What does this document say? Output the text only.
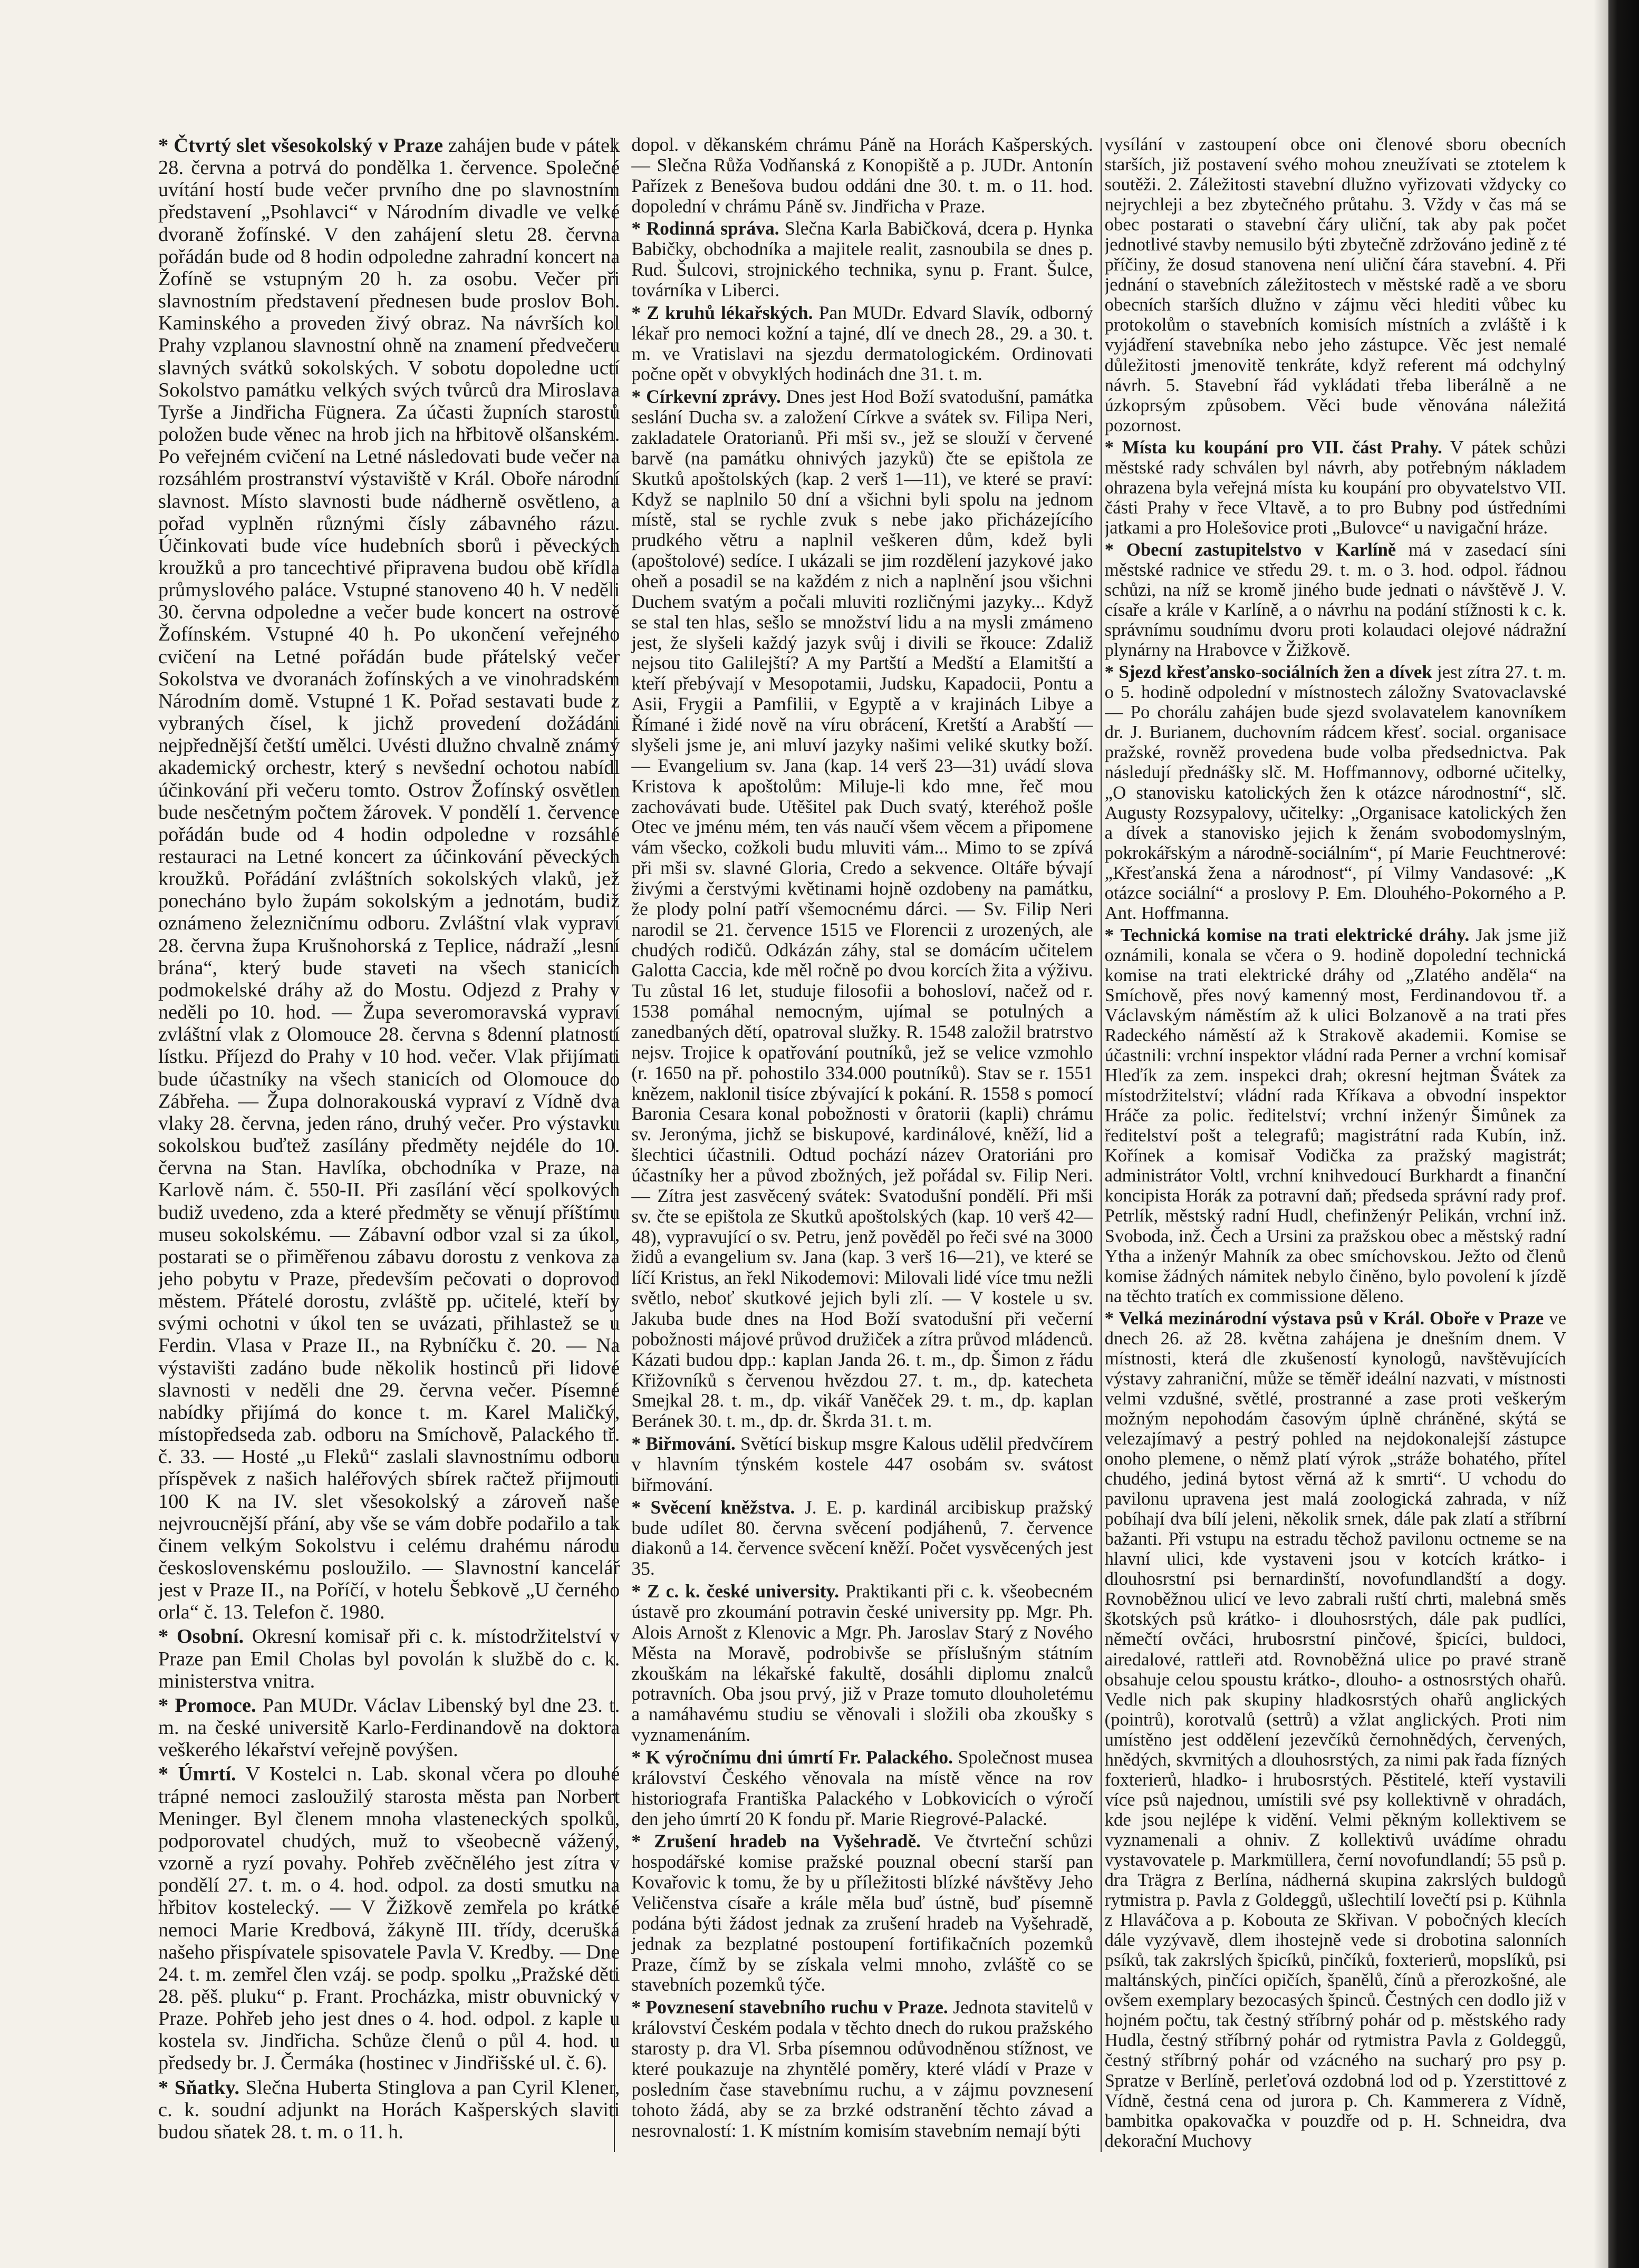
* Čtvrtý slet všesokolský v Praze zahájen bude v pátek 28. června a potrvá do pondělka 1. července. Společné uvítání hostí bude večer prvního dne po slavnostním představení „Psohlavci“ v Národním divadle ve velké dvoraně žofínské. V den zahájení sletu 28. června pořádán bude od 8 hodin odpoledne zahradní koncert na Žofíně se vstupným 20 h. za osobu. Večer při slavnostním představení přednesen bude proslov Boh. Kaminského a proveden živý obraz. Na návrších kol Prahy vzplanou slavnostní ohně na znamení předvečeru slavných svátků sokolských. V sobotu dopoledne uctí Sokolstvo památku velkých svých tvůrců dra Miroslava Tyrše a Jindřicha Fügnera. Za účasti župních starostů položen bude věnec na hrob jich na hřbitově olšanském. Po veřejném cvičení na Letné následovati bude večer na rozsáhlém prostranství výstaviště v Král. Oboře národní slavnost. Místo slavnosti bude nádherně osvětleno, a pořad vyplněn různými čísly zábavného rázu. Účinkovati bude více hudebních sborů i pěveckých kroužků a pro tancechtivé připravena budou obě křídla průmyslového paláce. Vstupné stanoveno 40 h. V neděli 30. června odpoledne a večer bude koncert na ostrově Žofínském. Vstupné 40 h. Po ukončení veřejného cvičení na Letné pořádán bude přátelský večer Sokolstva ve dvoranách žofínských a ve vinohradském Národním domě. Vstupné 1 K. Pořad sestavati bude z vybraných čísel, k jichž provedení dožádáni nejpřednější četští umělci. Uvésti dlužno chvalně známý akademický orchestr, který s nevšední ochotou nabídl účinkování při večeru tomto. Ostrov Žofínský osvětlen bude nesčetným počtem žárovek. V pondělí 1. července pořádán bude od 4 hodin odpoledne v rozsáhlé restauraci na Letné koncert za účinkování pěveckých kroužků. Pořádání zvláštních sokolských vlaků, jež ponecháno bylo župám sokolským a jednotám, budiž oznámeno železničnímu odboru. Zvláštní vlak vypraví 28. června župa Krušnohorská z Teplice, nádraží „lesní brána“, který bude staveti na všech stanicích podmokelské dráhy až do Mostu. Odjezd z Prahy v neděli po 10. hod. — Župa severomoravská vypraví zvláštní vlak z Olomouce 28. června s 8denní platností lístku. Příjezd do Prahy v 10 hod. večer. Vlak přijímati bude účastníky na všech stanicích od Olomouce do Zábřeha. — Župa dolnorakouská vypraví z Vídně dva vlaky 28. června, jeden ráno, druhý večer. Pro výstavku sokolskou buďtež zasílány předměty nejdéle do 10. června na Stan. Havlíka, obchodníka v Praze, na Karlově nám. č. 550-II. Při zasílání věcí spolkových budiž uvedeno, zda a které předměty se věnují příštímu museu sokolskému. — Zábavní odbor vzal si za úkol, postarati se o přiměřenou zábavu dorostu z venkova za jeho pobytu v Praze, především pečovati o doprovod městem. Přátelé dorostu, zvláště pp. učitelé, kteří by svými ochotni v úkol ten se uvázati, přihlastež se u Ferdin. Vlasa v Praze II., na Rybníčku č. 20. — Na výstavišti zadáno bude několik hostinců při lidové slavnosti v neděli dne 29. června večer. Písemné nabídky přijímá do konce t. m. Karel Maličký, místopředseda zab. odboru na Smíchově, Palackého tř. č. 33. — Hosté „u Fleků“ zaslali slavnostnímu odboru příspěvek z našich haléřových sbírek račtež přijmouti 100 K na IV. slet všesokolský a zároveň naše nejvroucnější přání, aby vše se vám dobře podařilo a tak činem velkým Sokolstvu i celému drahému národu československému posloužilo. — Slavnostní kancelář jest v Praze II., na Poříčí, v hotelu Šebkově „U černého orla“ č. 13. Telefon č. 1980.

* Osobní. Okresní komisař při c. k. místodržitelství v Praze pan Emil Cholas byl povolán k službě do c. k. ministerstva vnitra.

* Promoce. Pan MUDr. Václav Libenský byl dne 23. t. m. na české universitě Karlo-Ferdinandově na doktora veškerého lékařství veřejně povýšen.

* Úmrtí. V Kostelci n. Lab. skonal včera po dlouhé trápné nemoci zasloužilý starosta města pan Norbert Meninger. Byl členem mnoha vlasteneckých spolků, podporovatel chudých, muž to všeobecně vážený, vzorně a ryzí povahy. Pohřeb zvěčnělého jest zítra v pondělí 27. t. m. o 4. hod. odpol. za dosti smutku na hřbitov kostelecký. — V Žižkově zemřela po krátké nemoci Marie Kredbová, žákyně III. třídy, dcerušká našeho přispívatele spisovatele Pavla V. Kredby. — Dne 24. t. m. zemřel člen vzáj. se podp. spolku „Pražské děti 28. pěš. pluku“ p. Frant. Procházka, mistr obuvnický v Praze. Pohřeb jeho jest dnes o 4. hod. odpol. z kaple u kostela sv. Jindřicha. Schůze členů o půl 4. hod. u předsedy br. J. Čermáka (hostinec v Jindřišské ul. č. 6).

* Sňatky. Slečna Huberta Stinglova a pan Cyril Klener, c. k. soudní adjunkt na Horách Kašperských slaviti budou sňatek 28. t. m. o 11. h.

dopol. v děkanském chrámu Páně na Horách Kašperských. — Slečna Růža Vodňanská z Konopiště a p. JUDr. Antonín Pařízek z Benešova budou oddáni dne 30. t. m. o 11. hod. dopolední v chrámu Páně sv. Jindřicha v Praze.

* Rodinná správa. Slečna Karla Babičková, dcera p. Hynka Babičky, obchodníka a majitele realit, zasnoubila se dnes p. Rud. Šulcovi, strojnického technika, synu p. Frant. Šulce, továrníka v Liberci.

* Z kruhů lékařských. Pan MUDr. Edvard Slavík, odborný lékař pro nemoci kožní a tajné, dlí ve dnech 28., 29. a 30. t. m. ve Vratislavi na sjezdu dermatologickém. Ordinovati počne opět v obvyklých hodinách dne 31. t. m.

* Církevní zprávy. Dnes jest Hod Boží svatodušní, památka seslání Ducha sv. a založení Církve a svátek sv. Filipa Neri, zakladatele Oratorianů. Při mši sv., jež se slouží v červené barvě (na památku ohnivých jazyků) čte se epištola ze Skutků apoštolských (kap. 2 verš 1—11), ve které se praví: Když se naplnilo 50 dní a všichni byli spolu na jednom místě, stal se rychle zvuk s nebe jako přicházejícího prudkého větru a naplnil veškeren dům, kdež byli (apoštolové) sedíce. I ukázali se jim rozdělení jazykové jako oheň a posadil se na každém z nich a naplnění jsou všichni Duchem svatým a počali mluviti rozličnými jazyky... Když se stal ten hlas, sešlo se množství lidu a na mysli zmámeno jest, že slyšeli každý jazyk svůj i divili se řkouce: Zdaliž nejsou tito Galilejští? A my Partští a Medští a Elamitští a kteří přebývají v Mesopotamii, Judsku, Kapadocii, Pontu a Asii, Frygii a Pamfilii, v Egyptě a v krajinách Libye a Římané i židé nově na víru obrácení, Kretští a Arabští — slyšeli jsme je, ani mluví jazyky našimi veliké skutky boží. — Evangelium sv. Jana (kap. 14 verš 23—31) uvádí slova Kristova k apoštolům: Miluje-li kdo mne, řeč mou zachovávati bude. Utěšitel pak Duch svatý, kteréhož pošle Otec ve jménu mém, ten vás naučí všem věcem a připomene vám všecko, cožkoli budu mluviti vám... Mimo to se zpívá při mši sv. slavné Gloria, Credo a sekvence. Oltáře bývají živými a čerstvými květinami hojně ozdobeny na památku, že plody polní patří všemocnému dárci. — Sv. Filip Neri narodil se 21. července 1515 ve Florencii z urozených, ale chudých rodičů. Odkázán záhy, stal se domácím učitelem Galotta Caccia, kde měl ročně po dvou korcích žita a výživu. Tu zůstal 16 let, studuje filosofii a bohosloví, načež od r. 1538 pomáhal nemocným, ujímal se potulných a zanedbaných dětí, opatroval služky. R. 1548 založil bratrstvo nejsv. Trojice k opatřování poutníků, jež se velice vzmohlo (r. 1650 na př. pohostilo 334.000 poutníků). Stav se r. 1551 knězem, naklonil tisíce zbývající k pokání. R. 1558 s pomocí Baronia Cesara konal pobožnosti v ôratorii (kapli) chrámu sv. Jeronýma, jichž se biskupové, kardinálové, kněží, lid a šlechtici účastnili. Odtud pochází název Oratoriáni pro účastníky her a původ zbožných, jež pořádal sv. Filip Neri. — Zítra jest zasvěcený svátek: Svatodušní pondělí. Při mši sv. čte se epištola ze Skutků apoštolských (kap. 10 verš 42—48), vypravující o sv. Petru, jenž pověděl po řeči své na 3000 židů a evangelium sv. Jana (kap. 3 verš 16—21), ve které se líčí Kristus, an řekl Nikodemovi: Milovali lidé více tmu nežli světlo, neboť skutkové jejich byli zlí. — V kostele u sv. Jakuba bude dnes na Hod Boží svatodušní při večerní pobožnosti májové průvod družiček a zítra průvod mládenců. Kázati budou dpp.: kaplan Janda 26. t. m., dp. Šimon z řádu Křižovníků s červenou hvězdou 27. t. m., dp. katecheta Smejkal 28. t. m., dp. vikář Vaněček 29. t. m., dp. kaplan Beránek 30. t. m., dp. dr. Škrda 31. t. m.

* Biřmování. Světící biskup msgre Kalous udělil předvčírem v hlavním týnském kostele 447 osobám sv. svátost biřmování.

* Svěcení kněžstva. J. E. p. kardinál arcibiskup pražský bude udílet 80. června svěcení podjáhenů, 7. července diakonů a 14. července svěcení kněží. Počet vysvěcených jest 35.

* Z c. k. české university. Praktikanti při c. k. všeobecném ústavě pro zkoumání potravin české university pp. Mgr. Ph. Alois Arnošt z Klenovic a Mgr. Ph. Jaroslav Starý z Nového Města na Moravě, podrobivše se příslušným státním zkouškám na lékařské fakultě, dosáhli diplomu znalců potravních. Oba jsou prvý, již v Praze tomuto dlouholetému a namáhavému studiu se věnovali i složili oba zkoušky s vyznamenáním.

* K výročnímu dni úmrtí Fr. Palackého. Společnost musea království Českého věnovala na místě věnce na rov historiografa Františka Palackého v Lobkovicích o výročí den jeho úmrtí 20 K fondu př. Marie Riegrové-Palacké.

* Zrušení hradeb na Vyšehradě. Ve čtvrteční schůzi hospodářské komise pražské pouznal obecní starší pan Kovařovic k tomu, že by u příležitosti blízké návštěvy Jeho Veličenstva císaře a krále měla buď ústně, buď písemně podána býti žádost jednak za zrušení hradeb na Vyšehradě, jednak za bezplatné postoupení fortifikačních pozemků Praze, čímž by se získala velmi mnoho, zvláště co se stavebních pozemků týče.

* Povznesení stavebního ruchu v Praze. Jednota stavitelů v království Českém podala v těchto dnech do rukou pražského starosty p. dra Vl. Srba písemnou odůvodněnou stížnost, ve které poukazuje na zhyntělé poměry, které vládí v Praze v posledním čase stavebnímu ruchu, a v zájmu povznesení tohoto žádá, aby se za brzké odstranění těchto závad a nesrovnalostí: 1. K místním komisím stavebním nemají býti

vysílání v zastoupení obce oni členové sboru obecních starších, již postavení svého mohou zneužívati se ztotelem k soutěži. 2. Záležitosti stavební dlužno vyřizovati vždycky co nejrychleji a bez zbytečného průtahu. 3. Vždy v čas má se obec postarati o stavební čáry uliční, tak aby pak počet jednotlivé stavby nemusilo býti zbytečně zdržováno jedině z té příčiny, že dosud stanovena není uliční čára stavební. 4. Při jednání o stavebních záležitostech v městské radě a ve sboru obecních starších dlužno v zájmu věci hlediti vůbec ku protokolům o stavebních komisích místních a zvláště i k vyjádření stavebníka nebo jeho zástupce. Věc jest nemalé důležitosti jmenovitě tenkráte, když referent má odchylný návrh. 5. Stavební řád vykládati třeba liberálně a ne úzkoprsým způsobem. Věci bude věnována náležitá pozornost.

* Místa ku koupání pro VII. část Prahy. V pátek schůzi městské rady schválen byl návrh, aby potřebným nákladem ohrazena byla veřejná místa ku koupání pro obyvatelstvo VII. části Prahy v řece Vltavě, a to pro Bubny pod ústředními jatkami a pro Holešovice proti „Bulovce“ u navigační hráze.

* Obecní zastupitelstvo v Karlíně má v zasedací síni městské radnice ve středu 29. t. m. o 3. hod. odpol. řádnou schůzi, na níž se kromě jiného bude jednati o návštěvě J. V. císaře a krále v Karlíně, a o návrhu na podání stížnosti k c. k. správnímu soudnímu dvoru proti kolaudaci olejové nádražní plynárny na Hrabovce v Žižkově.

* Sjezd křesťansko-sociálních žen a dívek jest zítra 27. t. m. o 5. hodině odpolední v místnostech záložny Svatovaclavské — Po chorálu zahájen bude sjezd svolavatelem kanovníkem dr. J. Burianem, duchovním rádcem křesť. social. organisace pražské, rovněž provedena bude volba předsednictva. Pak následují přednášky slč. M. Hoffmannovy, odborné učitelky, „O stanovisku katolických žen k otázce národnostní“, slč. Augusty Rozsypalovy, učitelky: „Organisace katolických žen a dívek a stanovisko jejich k ženám svobodomyslným, pokrokářským a národně-sociálním“, pí Marie Feuchtnerové: „Křesťanská žena a národnost“, pí Vilmy Vandasové: „K otázce sociální“ a proslovy P. Em. Dlouhého-Pokorného a P. Ant. Hoffmanna.

* Technická komise na trati elektrické dráhy. Jak jsme již oznámili, konala se včera o 9. hodině dopolední technická komise na trati elektrické dráhy od „Zlatého anděla“ na Smíchově, přes nový kamenný most, Ferdinandovou tř. a Václavským náměstím až k ulici Bolzanově a na trati přes Radeckého náměstí až k Strakově akademii. Komise se účastnili: vrchní inspektor vládní rada Perner a vrchní komisař Hleďík za zem. inspekci drah; okresní hejtman Švátek za místodržitelství; vládní rada Kříkava a obvodní inspektor Hráče za polic. ředitelství; vrchní inženýr Šimůnek za ředitelství pošt a telegrafů; magistrátní rada Kubín, inž. Kořínek a komisař Vodička za pražský magistrát; administrátor Voltl, vrchní knihvedoucí Burkhardt a finanční koncipista Horák za potravní daň; předseda správní rady prof. Petrlík, městský radní Hudl, chefinženýr Pelikán, vrchní inž. Svoboda, inž. Čech a Ursini za pražskou obec a městský radní Ytha a inženýr Mahník za obec smíchovskou. Ježto od členů komise žádných námitek nebylo činěno, bylo povolení k jízdě na těchto tratích ex commissione děleno.

* Velká mezinárodní výstava psů v Král. Oboře v Praze ve dnech 26. až 28. května zahájena je dnešním dnem. V místnosti, která dle zkušeností kynologů, navštěvujících výstavy zahraniční, může se těměř ideální nazvati, v místnosti velmi vzdušné, světlé, prostranné a zase proti veškerým možným nepohodám časovým úplně chráněné, skýtá se velezajímavý a pestrý pohled na nejdokonalejší zástupce onoho plemene, o němž platí výrok „stráže bohatého, přítel chudého, jediná bytost věrná až k smrti“. U vchodu do pavilonu upravena jest malá zoologická zahrada, v níž pobíhají dva bílí jeleni, několik srnek, dále pak zlatí a stříbrní bažanti. Při vstupu na estradu těchož pavilonu octneme se na hlavní ulici, kde vystaveni jsou v kotcích krátko- i dlouhosrstní psi bernardinští, novofundlandští a dogy. Rovnoběžnou ulicí ve levo zabrali ruští chrti, malebná směs škotských psů krátko- i dlouhosrstých, dále pak pudlíci, němečtí ovčáci, hrubosrstní pinčové, špicíci, buldoci, airedalové, rattleři atd. Rovnoběžná ulice po pravé straně obsahuje celou spoustu krátko-, dlouho- a ostnosrstých ohařů. Vedle nich pak skupiny hladkosrstých ohařů anglických (pointrů), korotvalů (settrů) a vžlat anglických. Proti nim umístěno jest oddělení jezevčíků černohnědých, červených, hnědých, skvrnitých a dlouhosrstých, za nimi pak řada fízných foxterierů, hladko- i hrubosrstých. Pěstitelé, kteří vystavili více psů najednou, umístili své psy kollektivně v ohradách, kde jsou nejlépe k vidění. Velmi pěkným kollektivem se vyznamenali a ohniv. Z kollektivů uvádíme ohradu vystavovatele p. Markmüllera, černí novofundlandí; 55 psů p. dra Trägra z Berlína, nádherná skupina zakrslých buldogů rytmistra p. Pavla z Goldeggů, ušlechtilí lovečtí psi p. Kühnla z Hlaváčova a p. Kobouta ze Skřivan. V pobočných klecích dále vyzývavě, dlem ihostejně vede si drobotina salonních psíků, tak zakrslých špicíků, pinčíků, foxterierů, mopslíků, psi maltánských, pinčíci opičích, španělů, čínů a přerozkošné, ale ovšem exemplary bezocasých špinců. Čestných cen dodlo již v hojném počtu, tak čestný stříbrný pohár od p. městského rady Hudla, čestný stříbrný pohár od rytmistra Pavla z Goldeggů, čestný stříbrný pohár od vzácného na sucharý pro psy p. Spratze v Berlíně, perleťová ozdobná lod od p. Yzerstittové z Vídně, čestná cena od jurora p. Ch. Kammerera z Vídně, bambitka opakovačka v pouzdře od p. H. Schneidra, dva dekorační Muchovy
